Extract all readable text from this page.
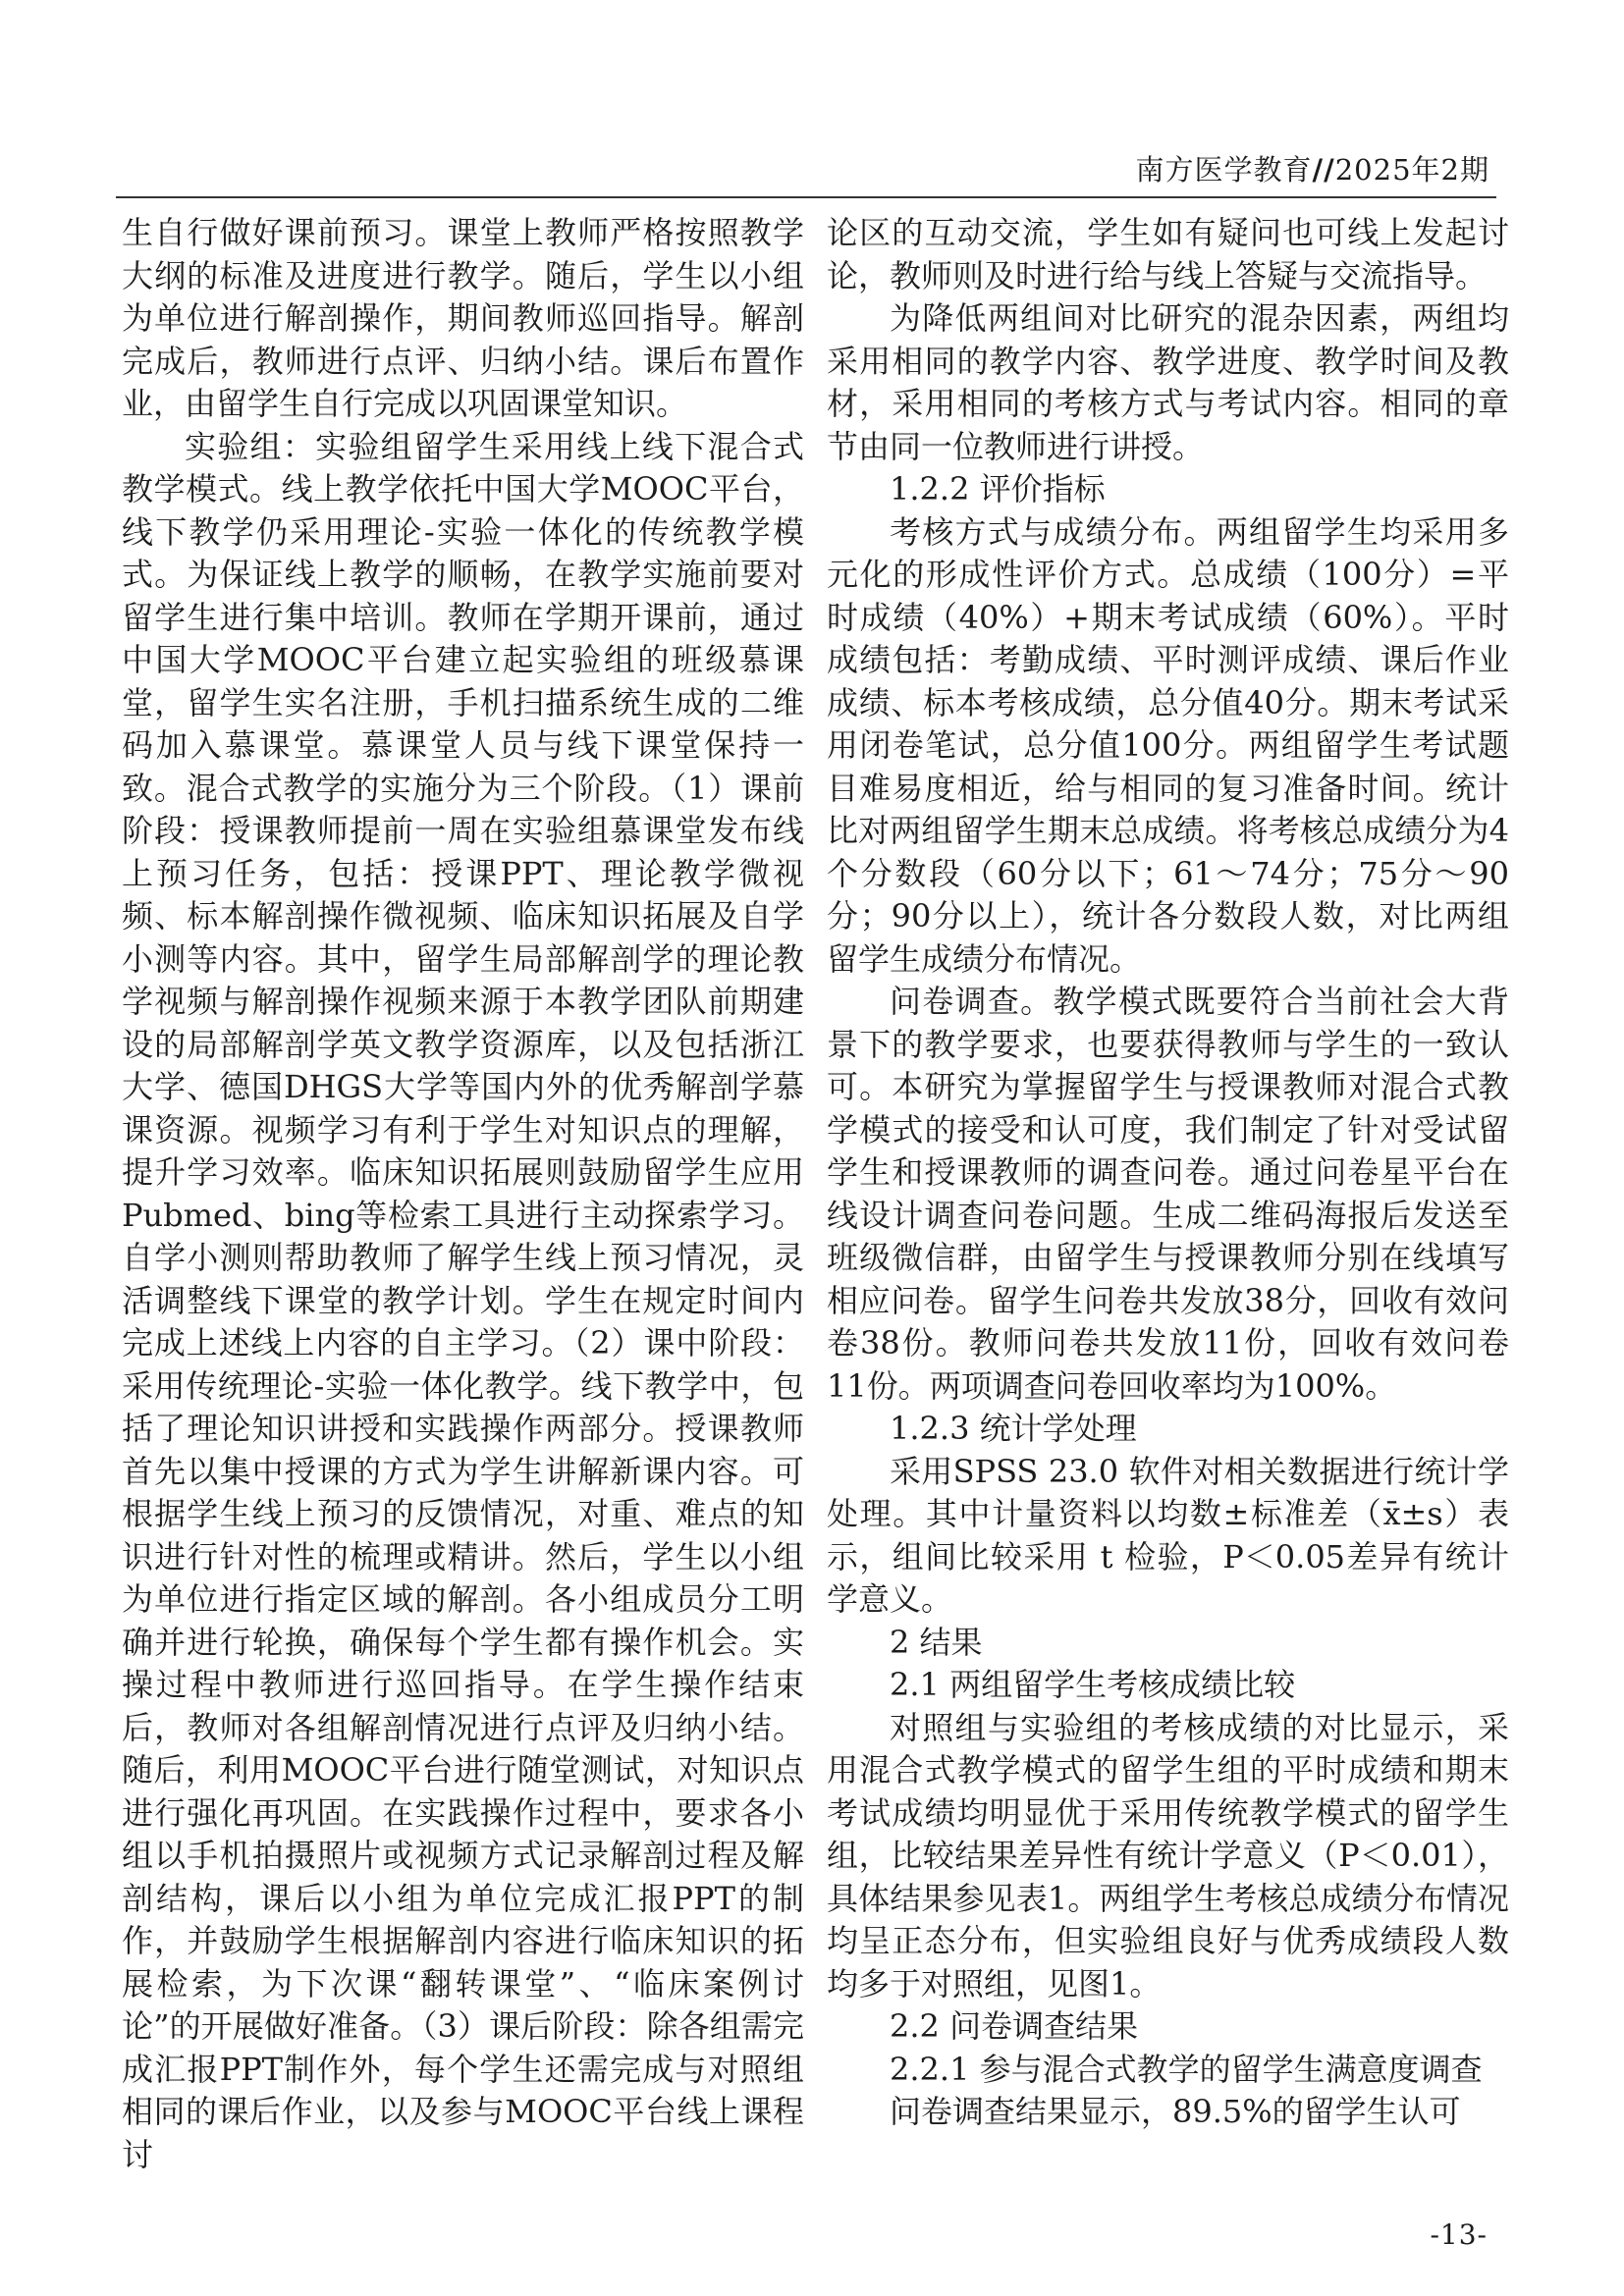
南方医学教育//2025年2期

生自行做好课前预习。课堂上教师严格按照教学大纲的标准及进度进行教学。随后，学生以小组为单位进行解剖操作，期间教师巡回指导。解剖完成后，教师进行点评、归纳小结。课后布置作业，由留学生自行完成以巩固课堂知识。

实验组：实验组留学生采用线上线下混合式教学模式。线上教学依托中国大学MOOC平台，线下教学仍采用理论-实验一体化的传统教学模式。为保证线上教学的顺畅，在教学实施前要对留学生进行集中培训。教师在学期开课前，通过中国大学MOOC平台建立起实验组的班级慕课堂，留学生实名注册，手机扫描系统生成的二维码加入慕课堂。慕课堂人员与线下课堂保持一致。混合式教学的实施分为三个阶段。（1）课前阶段：授课教师提前一周在实验组慕课堂发布线上预习任务，包括：授课PPT、理论教学微视频、标本解剖操作微视频、临床知识拓展及自学小测等内容。其中，留学生局部解剖学的理论教学视频与解剖操作视频来源于本教学团队前期建设的局部解剖学英文教学资源库，以及包括浙江大学、德国DHGS大学等国内外的优秀解剖学慕课资源。视频学习有利于学生对知识点的理解，提升学习效率。临床知识拓展则鼓励留学生应用Pubmed、bing等检索工具进行主动探索学习。自学小测则帮助教师了解学生线上预习情况，灵活调整线下课堂的教学计划。学生在规定时间内完成上述线上内容的自主学习。（2）课中阶段：采用传统理论-实验一体化教学。线下教学中，包括了理论知识讲授和实践操作两部分。授课教师首先以集中授课的方式为学生讲解新课内容。可根据学生线上预习的反馈情况，对重、难点的知识进行针对性的梳理或精讲。然后，学生以小组为单位进行指定区域的解剖。各小组成员分工明确并进行轮换，确保每个学生都有操作机会。实操过程中教师进行巡回指导。在学生操作结束后，教师对各组解剖情况进行点评及归纳小结。随后，利用MOOC平台进行随堂测试，对知识点进行强化再巩固。在实践操作过程中，要求各小组以手机拍摄照片或视频方式记录解剖过程及解剖结构，课后以小组为单位完成汇报PPT的制作，并鼓励学生根据解剖内容进行临床知识的拓展检索，为下次课“翻转课堂”、“临床案例讨论”的开展做好准备。（3）课后阶段：除各组需完成汇报PPT制作外，每个学生还需完成与对照组相同的课后作业，以及参与MOOC平台线上课程讨

论区的互动交流，学生如有疑问也可线上发起讨论，教师则及时进行给与线上答疑与交流指导。

为降低两组间对比研究的混杂因素，两组均采用相同的教学内容、教学进度、教学时间及教材，采用相同的考核方式与考试内容。相同的章节由同一位教师进行讲授。

1.2.2 评价指标

考核方式与成绩分布。两组留学生均采用多元化的形成性评价方式。总成绩（100分）=平时成绩（40%）+期末考试成绩（60%）。平时成绩包括：考勤成绩、平时测评成绩、课后作业成绩、标本考核成绩，总分值40分。期末考试采用闭卷笔试，总分值100分。两组留学生考试题目难易度相近，给与相同的复习准备时间。统计比对两组留学生期末总成绩。将考核总成绩分为4个分数段（60分以下；61～74分；75分～90分；90分以上），统计各分数段人数，对比两组留学生成绩分布情况。

问卷调查。教学模式既要符合当前社会大背景下的教学要求，也要获得教师与学生的一致认可。本研究为掌握留学生与授课教师对混合式教学模式的接受和认可度，我们制定了针对受试留学生和授课教师的调查问卷。通过问卷星平台在线设计调查问卷问题。生成二维码海报后发送至班级微信群，由留学生与授课教师分别在线填写相应问卷。留学生问卷共发放38分，回收有效问卷38份。教师问卷共发放11份，回收有效问卷11份。两项调查问卷回收率均为100%。

1.2.3 统计学处理

采用SPSS 23.0 软件对相关数据进行统计学处理。其中计量资料以均数±标准差（x̄±s）表示，组间比较采用 t 检验，P＜0.05差异有统计学意义。

2 结果

2.1 两组留学生考核成绩比较

对照组与实验组的考核成绩的对比显示，采用混合式教学模式的留学生组的平时成绩和期末考试成绩均明显优于采用传统教学模式的留学生组，比较结果差异性有统计学意义（P＜0.01），具体结果参见表1。两组学生考核总成绩分布情况均呈正态分布，但实验组良好与优秀成绩段人数均多于对照组，见图1。

2.2 问卷调查结果

2.2.1 参与混合式教学的留学生满意度调查

问卷调查结果显示，89.5%的留学生认可

-13-
